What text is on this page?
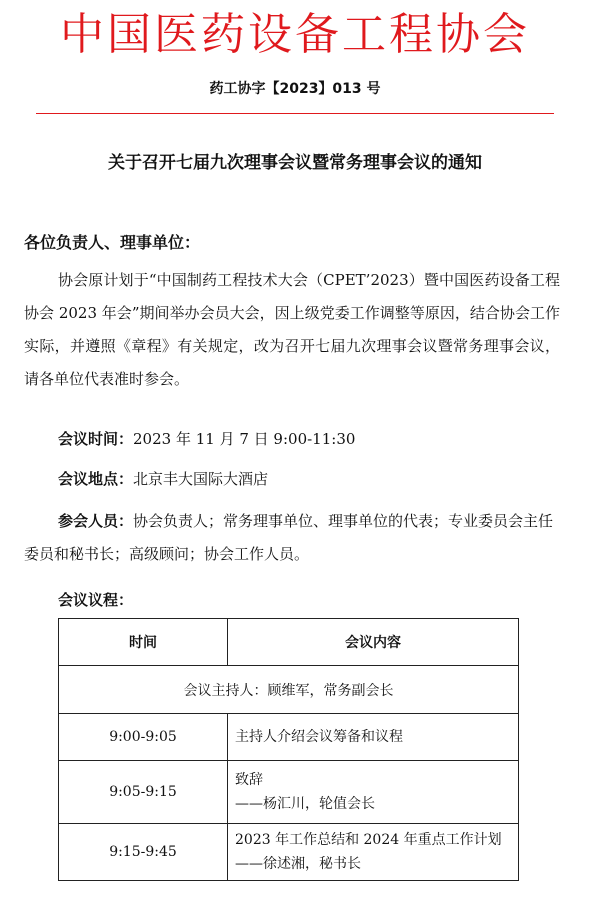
中国医药设备工程协会
药工协字【2023】013 号
关于召开七届九次理事会议暨常务理事会议的通知
各位负责人、理事单位：
协会原计划于“中国制药工程技术大会（CPET’2023）暨中国医药设备工程协会 2023 年会”期间举办会员大会，因上级党委工作调整等原因，结合协会工作实际，并遵照《章程》有关规定，改为召开七届九次理事会议暨常务理事会议，请各单位代表准时参会。
会议时间：2023 年 11 月 7 日 9:00-11:30
会议地点：北京丰大国际大酒店
参会人员：协会负责人；常务理事单位、理事单位的代表；专业委员会主任委员和秘书长；高级顾问；协会工作人员。
会议议程：
时间	会议内容
会议主持人：顾维军，常务副会长	
9:00-9:05	主持人介绍会议筹备和议程

9:05-9:15	致辞
——杨汇川，轮值会长

9:15-9:45	2023 年工作总结和 2024 年重点工作计划
——徐述湘，秘书长
